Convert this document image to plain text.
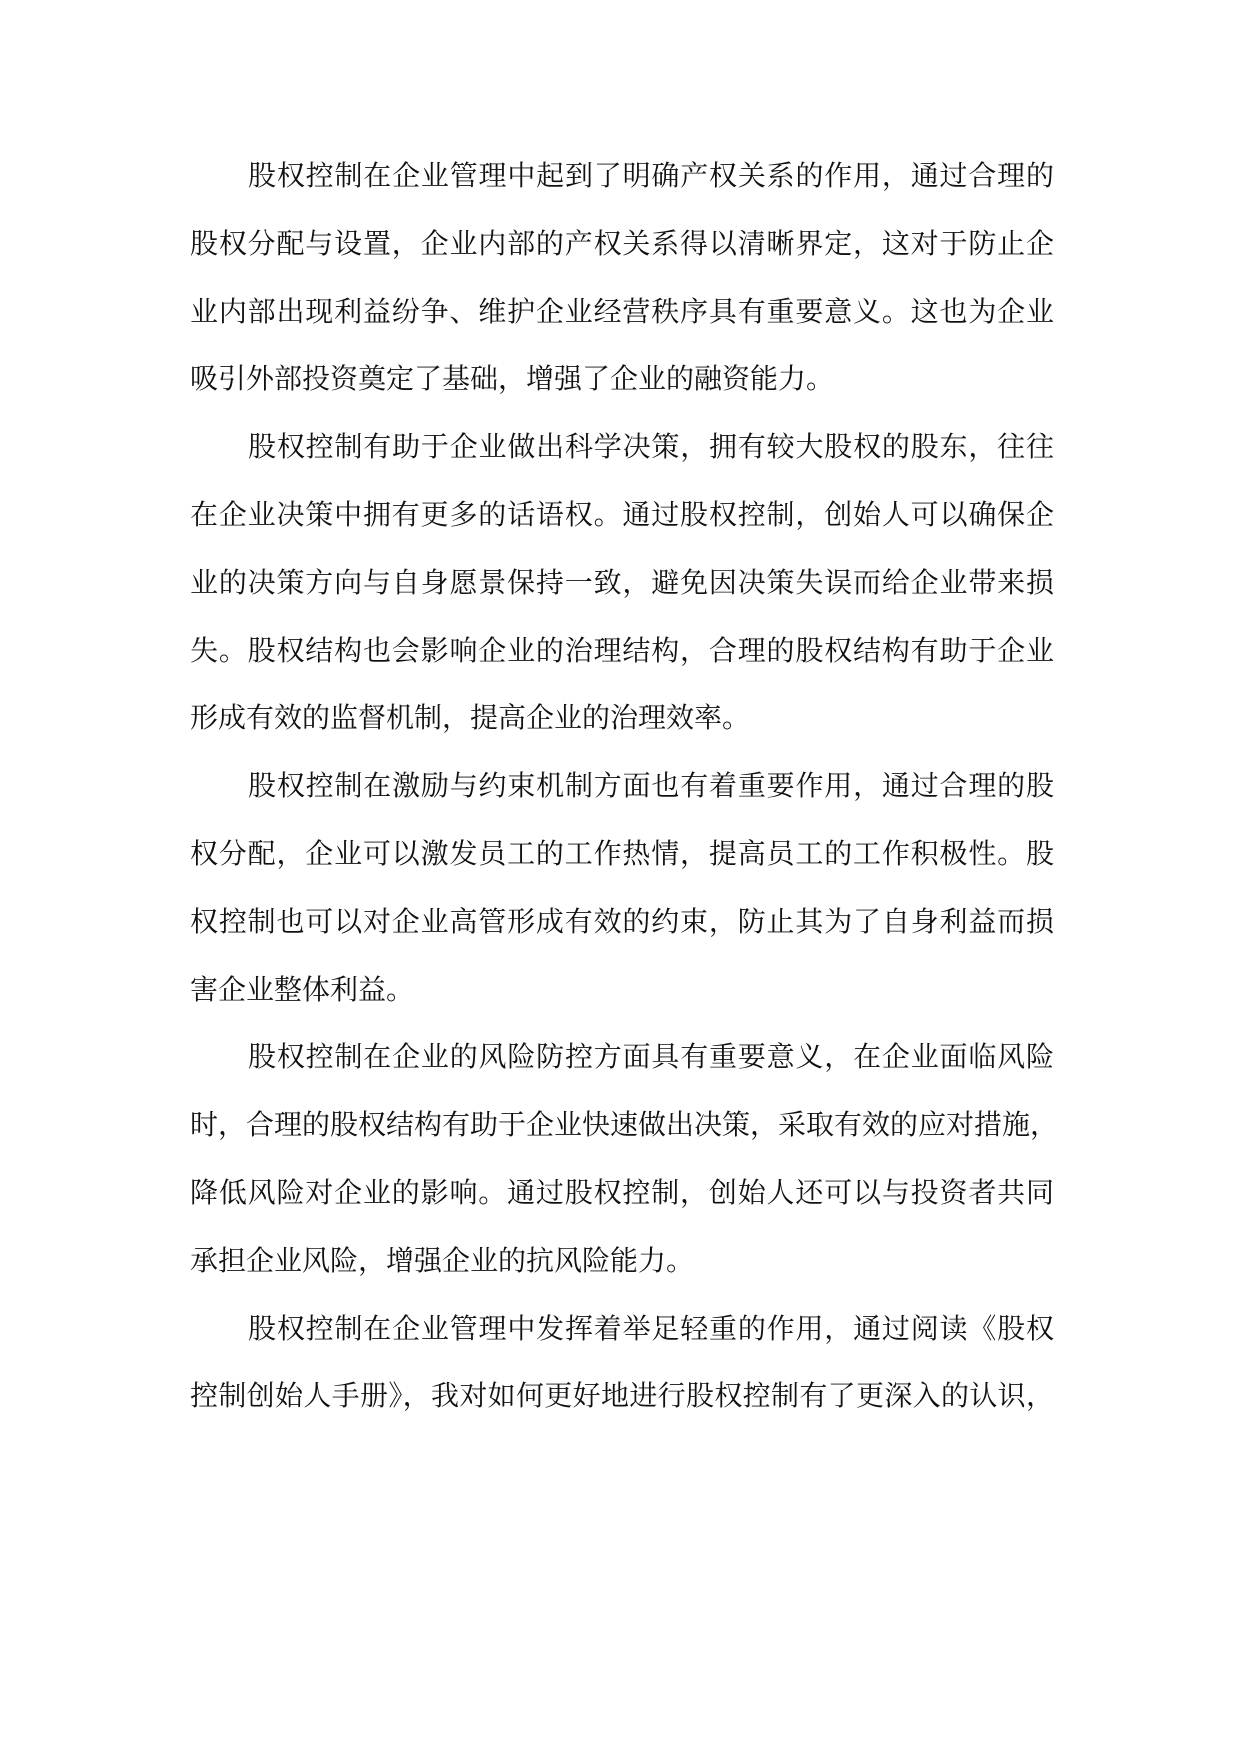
股权控制在企业管理中起到了明确产权关系的作用，通过合理的
股权分配与设置，企业内部的产权关系得以清晰界定，这对于防止企
业内部出现利益纷争、维护企业经营秩序具有重要意义。这也为企业
吸引外部投资奠定了基础，增强了企业的融资能力。
股权控制有助于企业做出科学决策，拥有较大股权的股东，往往
在企业决策中拥有更多的话语权。通过股权控制，创始人可以确保企
业的决策方向与自身愿景保持一致，避免因决策失误而给企业带来损
失。股权结构也会影响企业的治理结构，合理的股权结构有助于企业
形成有效的监督机制，提高企业的治理效率。
股权控制在激励与约束机制方面也有着重要作用，通过合理的股
权分配，企业可以激发员工的工作热情，提高员工的工作积极性。股
权控制也可以对企业高管形成有效的约束，防止其为了自身利益而损
害企业整体利益。
股权控制在企业的风险防控方面具有重要意义，在企业面临风险
时，合理的股权结构有助于企业快速做出决策，采取有效的应对措施，
降低风险对企业的影响。通过股权控制，创始人还可以与投资者共同
承担企业风险，增强企业的抗风险能力。
股权控制在企业管理中发挥着举足轻重的作用，通过阅读《股权
控制创始人手册》，我对如何更好地进行股权控制有了更深入的认识，
